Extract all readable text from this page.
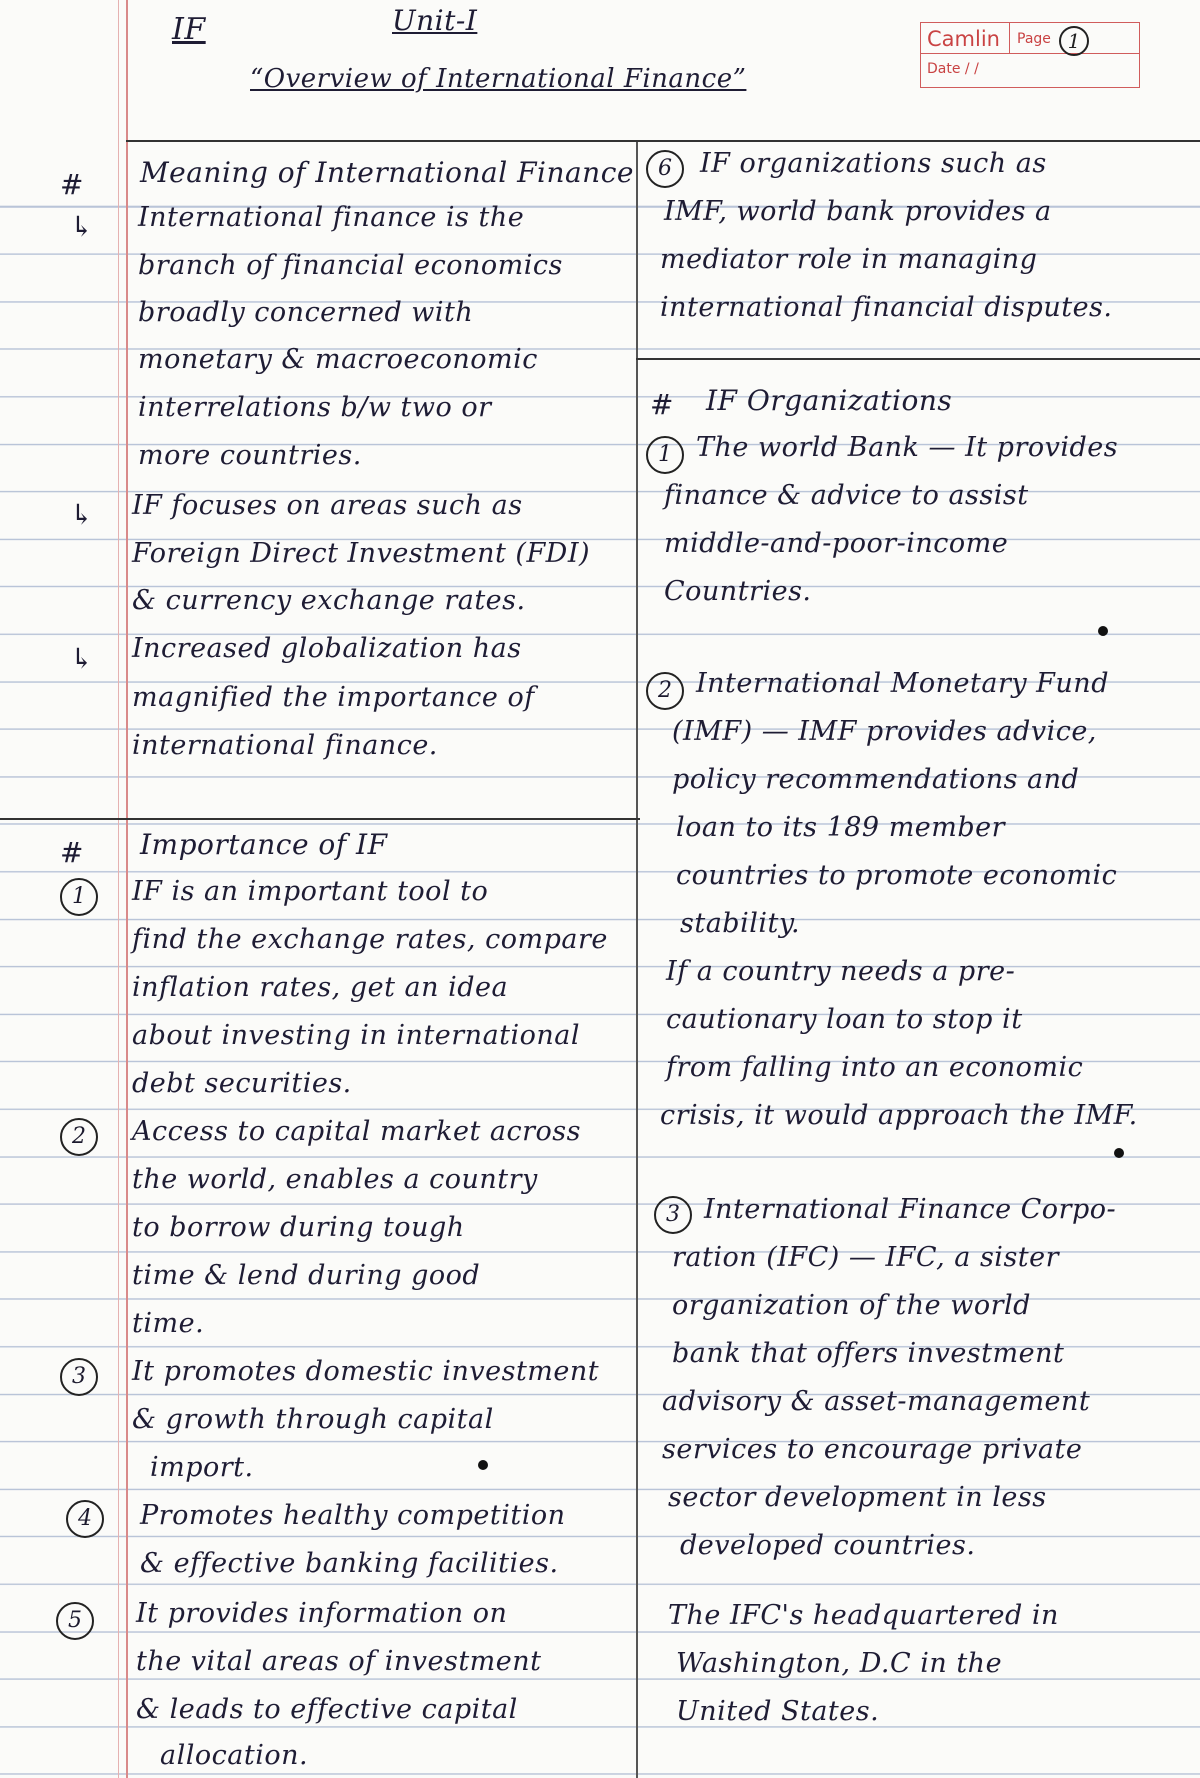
IF	Unit-I
“Overview of International Finance”
Camlin Page 1
Date / /
# Meaning of International Finance
↳ International finance is the
branch of financial economics
broadly concerned with
monetary & macroeconomic
interrelations b/w two or
more countries.
↳ IF focuses on areas such as
Foreign Direct Investment (FDI)
& currency exchange rates.
↳ Increased globalization has
magnified the importance of
international finance.
# Importance of IF
1	IF is an important tool to
find the exchange rates, compare
inflation rates, get an idea
about investing in international
debt securities.
2	Access to capital market across
the world, enables a country
to borrow during tough
time & lend during good
time.
3	It promotes domestic investment
& growth through capital
import.
4	Promotes healthy competition
& effective banking facilities.
5	It provides information on
the vital areas of investment
& leads to effective capital
allocation.
6	IF organizations such as
IMF, world bank provides a
mediator role in managing
international financial disputes.
# IF Organizations
1 The world Bank — It provides
finance & advice to assist
middle-and-poor-income
Countries.
2 International Monetary Fund
(IMF) — IMF provides advice,
policy recommendations and
loan to its 189 member
countries to promote economic
stability.
If a country needs a pre-
cautionary loan to stop it
from falling into an economic
crisis, it would approach the IMF.
3 International Finance Corpo-
ration (IFC) — IFC, a sister
organization of the world
bank that offers investment
advisory & asset-management
services to encourage private
sector development in less
developed countries.
The IFC's headquartered in
Washington, D.C in the
United States.
